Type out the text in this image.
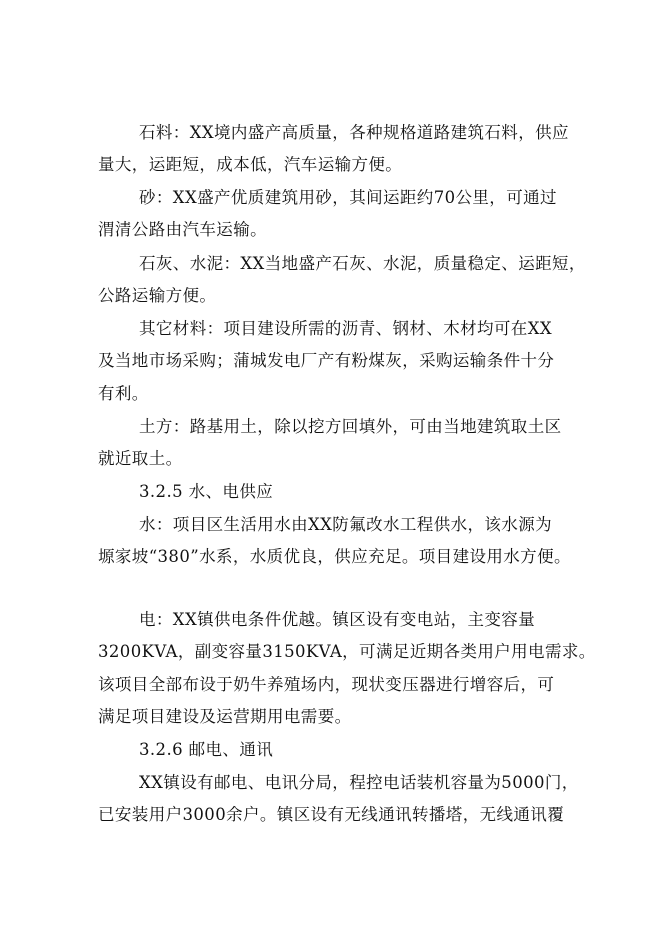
石料：XX境内盛产高质量，各种规格道路建筑石料，供应
量大，运距短，成本低，汽车运输方便。
砂：XX盛产优质建筑用砂，其间运距约70公里，可通过
渭清公路由汽车运输。
石灰、水泥：XX当地盛产石灰、水泥，质量稳定、运距短，
公路运输方便。
其它材料：项目建设所需的沥青、钢材、木材均可在XX
及当地市场采购；蒲城发电厂产有粉煤灰，采购运输条件十分
有利。
土方：路基用土，除以挖方回填外，可由当地建筑取土区
就近取土。
3.2.5 水、电供应
水：项目区生活用水由XX防氟改水工程供水，该水源为
塬家坡“380”水系，水质优良，供应充足。项目建设用水方便。
电：XX镇供电条件优越。镇区设有变电站，主变容量
3200KVA，副变容量3150KVA，可满足近期各类用户用电需求。
该项目全部布设于奶牛养殖场内，现状变压器进行增容后，可
满足项目建设及运营期用电需要。
3.2.6 邮电、通讯
XX镇设有邮电、电讯分局，程控电话装机容量为5000门，
已安装用户3000余户。镇区设有无线通讯转播塔，无线通讯覆
